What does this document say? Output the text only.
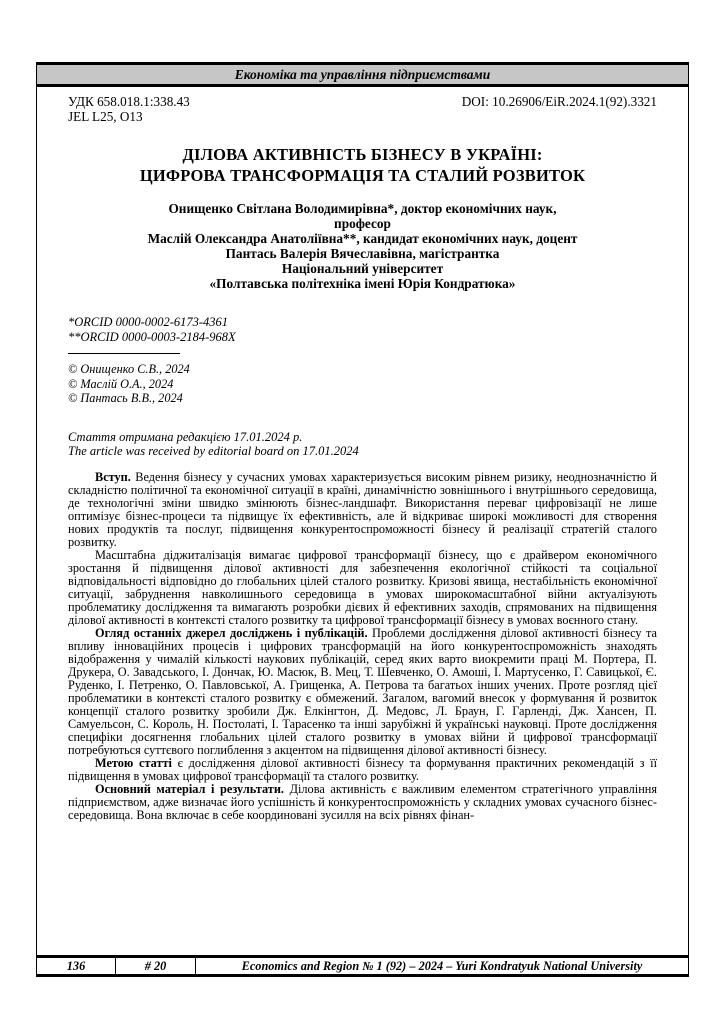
Економіка та управління підприємствами
УДК 658.018.1:338.43
JEL L25, O13
DOI: 10.26906/EiR.2024.1(92).3321
ДІЛОВА АКТИВНІСТЬ БІЗНЕСУ В УКРАЇНІ:
ЦИФРОВА ТРАНСФОРМАЦІЯ ТА СТАЛИЙ РОЗВИТОК
Онищенко Світлана Володимирівна*, доктор економічних наук,
професор
Маслій Олександра Анатоліївна**, кандидат економічних наук, доцент
Пантась Валерія Вячеславівна, магістрантка
Національний університет
«Полтавська політехніка імені Юрія Кондратюка»
*ORCID 0000-0002-6173-4361
**ORCID 0000-0003-2184-968X
© Онищенко С.В., 2024
© Маслій О.А., 2024
© Пантась В.В., 2024
Стаття отримана редакцією 17.01.2024 р.
The article was received by editorial board on 17.01.2024

Вступ. Ведення бізнесу у сучасних умовах характеризується високим рівнем ризику, неоднозначністю й складністю політичної та економічної ситуації в країні, динамічністю зовнішнього і внутрішнього середовища, де технологічні зміни швидко змінюють бізнес-ландшафт. Використання переваг цифровізації не лише оптимізує бізнес-процеси та підвищує їх ефективність, але й відкриває широкі можливості для створення нових продуктів та послуг, підвищення конкурентоспроможності бізнесу й реалізації стратегій сталого розвитку.

Масштабна діджиталізація вимагає цифрової трансформації бізнесу, що є драйвером економічного зростання й підвищення ділової активності для забезпечення екологічної стійкості та соціальної відповідальності відповідно до глобальних цілей сталого розвитку. Кризові явища, нестабільність економічної ситуації, забруднення навколишнього середовища в умовах широкомасштабної війни актуалізують проблематику дослідження та вимагають розробки дієвих й ефективних заходів, спрямованих на підвищення ділової активності в контексті сталого розвитку та цифрової трансформації бізнесу в умовах воєнного стану.

Огляд останніх джерел досліджень і публікацій. Проблеми дослідження ділової активності бізнесу та впливу інноваційних процесів і цифрових трансформацій на його конкурентоспроможність знаходять відображення у чималій кількості наукових публікацій, серед яких варто виокремити праці М. Портера, П. Друкера, О. Завадського, І. Дончак, Ю. Масюк, В. Мец, Т. Шевченко, О. Амоші, І. Мартусенко, Г. Савицької, Є. Руденко, І. Петренко, О. Павловської, А. Грищенка, А. Петрова та багатьох інших учених. Проте розгляд цієї проблематики в контексті сталого розвитку є обмежений. Загалом, вагомий внесок у формування й розвиток концепції сталого розвитку зробили Дж. Елкінгтон, Д. Медовс, Л. Браун, Г. Гарленді, Дж. Хансен, П. Самуельсон, С. Король, Н. Постолаті, І. Тарасенко та інші зарубіжні й українські науковці. Проте дослідження специфіки досягнення глобальних цілей сталого розвитку в умовах війни й цифрової трансформації потребуються суттєвого поглиблення з акцентом на підвищення ділової активності бізнесу.

Метою статті є дослідження ділової активності бізнесу та формування практичних рекомендацій з її підвищення в умовах цифрової трансформації та сталого розвитку.

Основний матеріал і результати. Ділова активність є важливим елементом стратегічного управління підприємством, адже визначає його успішність й конкурентоспроможність у складних умовах сучасного бізнес-середовища. Вона включає в себе координовані зусилля на всіх рівнях фінан-

136	# 20	Economics and Region № 1 (92) – 2024 – Yuri Kondratyuk National University
